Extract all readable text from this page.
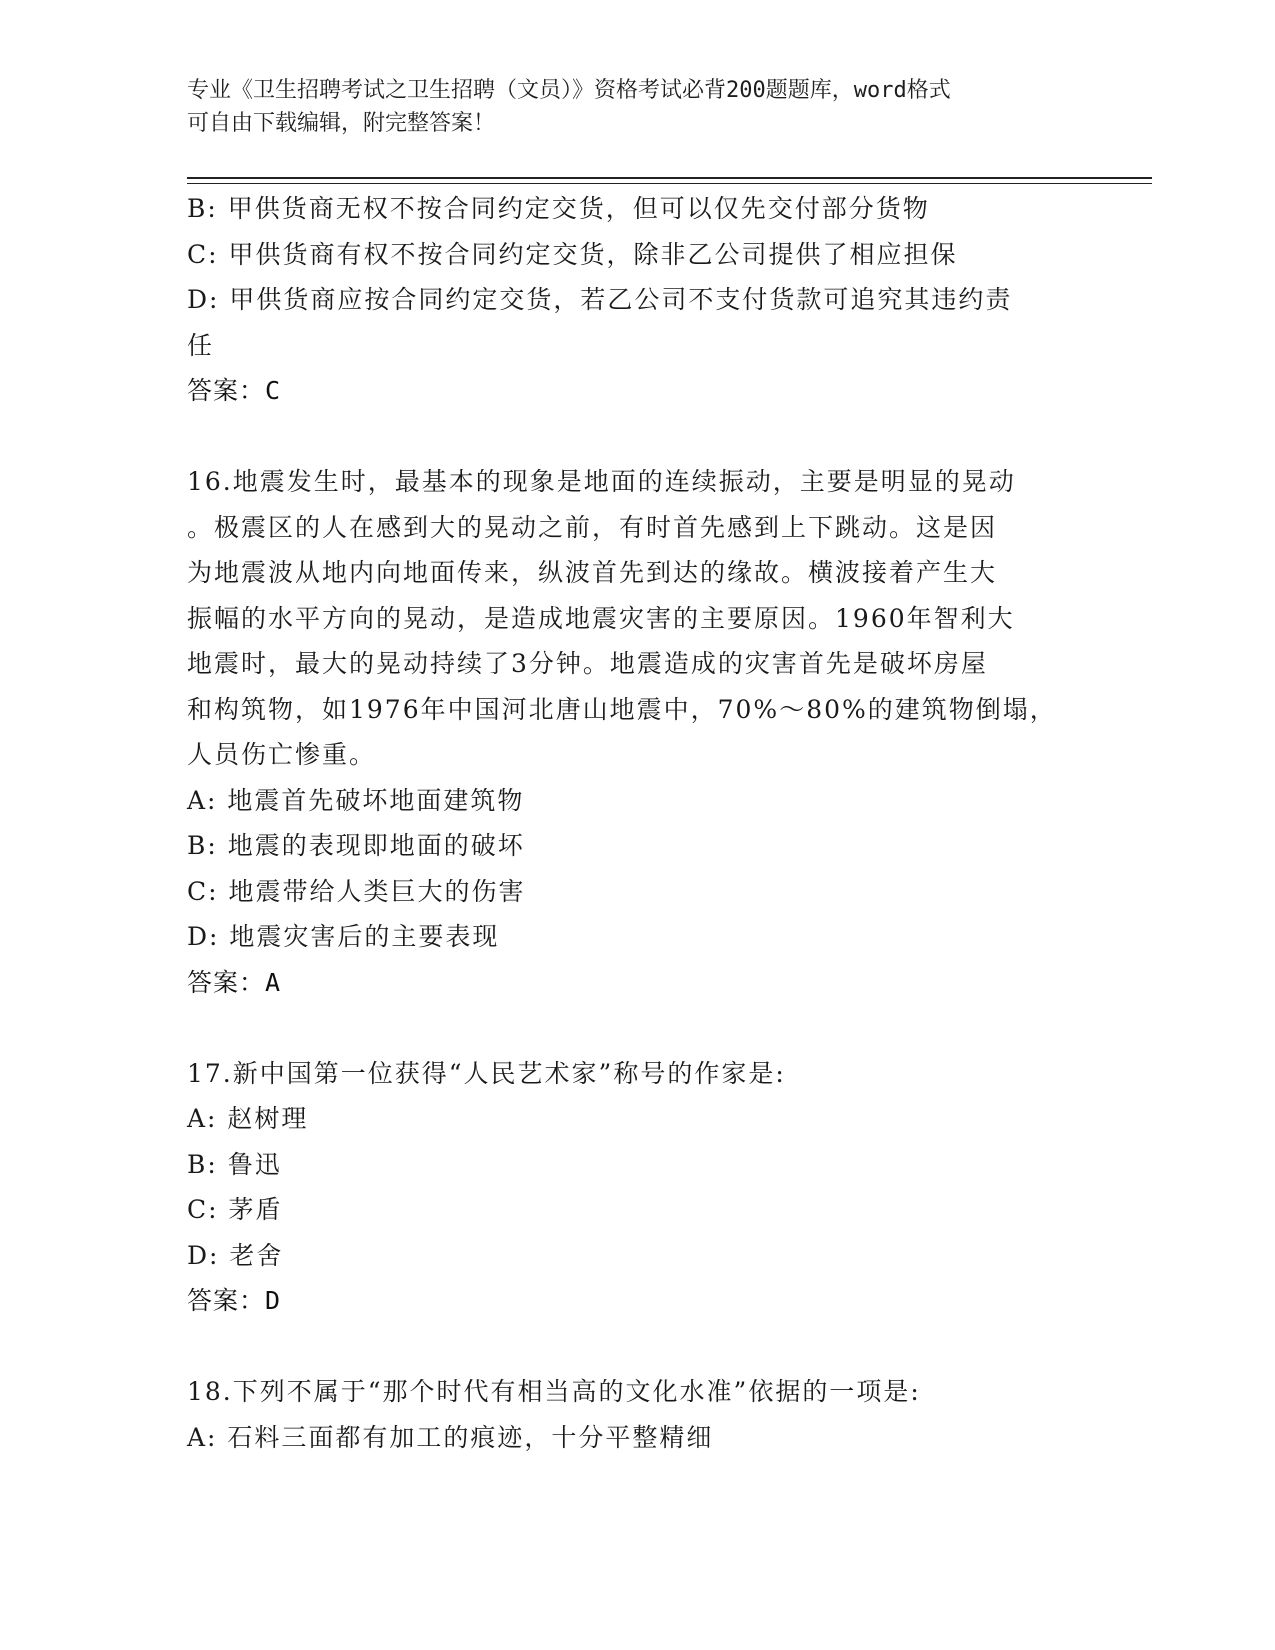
专业《卫生招聘考试之卫生招聘（文员）》资格考试必背200题题库，word格式
可自由下载编辑，附完整答案！
B: 甲供货商无权不按合同约定交货，但可以仅先交付部分货物
C: 甲供货商有权不按合同约定交货，除非乙公司提供了相应担保
D: 甲供货商应按合同约定交货，若乙公司不支付货款可追究其违约责
任
答案：C
16.地震发生时，最基本的现象是地面的连续振动，主要是明显的晃动
。极震区的人在感到大的晃动之前，有时首先感到上下跳动。这是因
为地震波从地内向地面传来，纵波首先到达的缘故。横波接着产生大
振幅的水平方向的晃动，是造成地震灾害的主要原因。1960年智利大
地震时，最大的晃动持续了3分钟。地震造成的灾害首先是破坏房屋
和构筑物，如1976年中国河北唐山地震中，70%～80%的建筑物倒塌，
人员伤亡惨重。
A: 地震首先破坏地面建筑物
B: 地震的表现即地面的破坏
C: 地震带给人类巨大的伤害
D: 地震灾害后的主要表现
答案：A
17.新中国第一位获得“人民艺术家”称号的作家是:
A: 赵树理
B: 鲁迅
C: 茅盾
D: 老舍
答案：D
18.下列不属于“那个时代有相当高的文化水准”依据的一项是:
A: 石料三面都有加工的痕迹，十分平整精细
